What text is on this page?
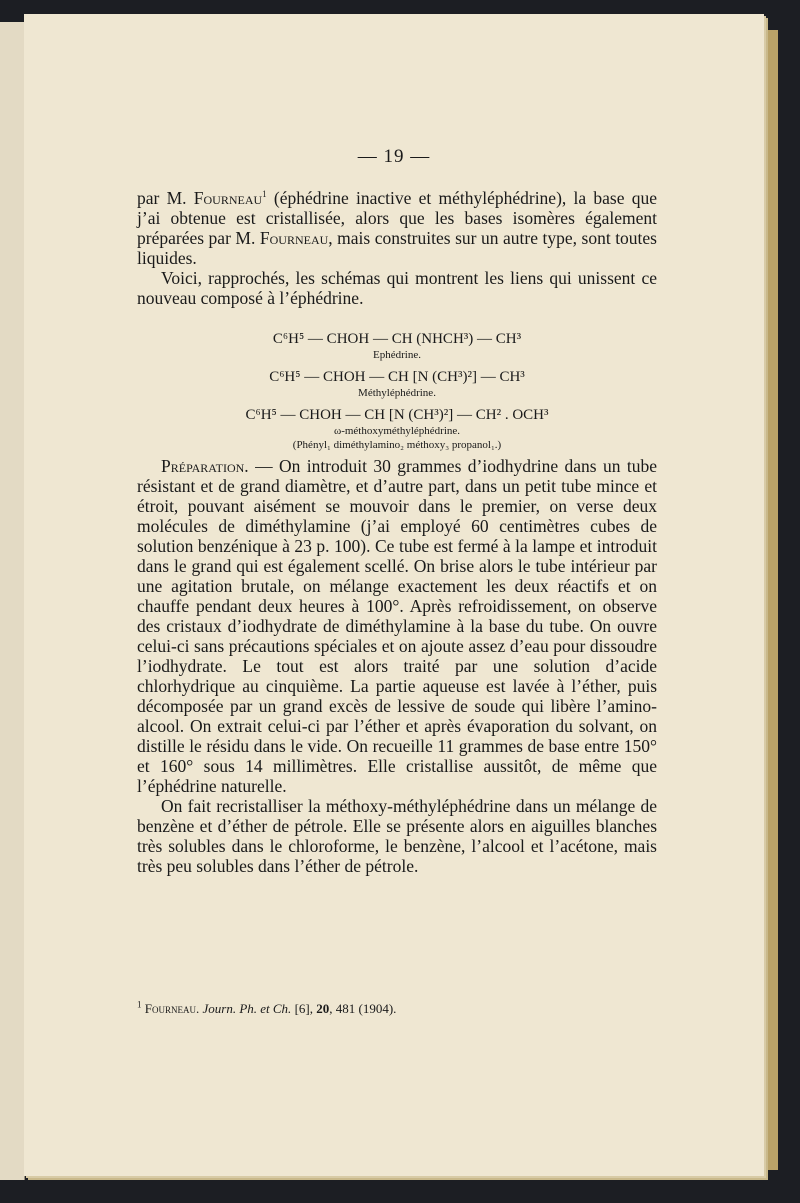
— 19 —

par M. Fourneau$^1$ (éphédrine inactive et méthyléphédrine), la base que j’ai obtenue est cristallisée, alors que les bases isomères également préparées par M. Fourneau, mais construites sur un autre type, sont toutes liquides.

Voici, rapprochés, les schémas qui montrent les liens qui unissent ce nouveau composé à l’éphédrine.

C⁶H⁵ — CHOH — CH (NHCH³) — CH³

Ephédrine.

C⁶H⁵ — CHOH — CH [N (CH³)²] — CH³

Méthyléphédrine.

C⁶H⁵ — CHOH — CH [N (CH³)²] — CH² . OCH³

ω-méthoxyméthyléphédrine.

(Phényl₁ diméthylamino₂ méthoxy₃ propanol₁.)

Préparation. — On introduit 30 grammes d’iodhydrine dans un tube résistant et de grand diamètre, et d’autre part, dans un petit tube mince et étroit, pouvant aisément se mouvoir dans le premier, on verse deux molécules de diméthylamine (j’ai employé 60 centimètres cubes de solution benzénique à 23 p. 100). Ce tube est fermé à la lampe et introduit dans le grand qui est également scellé. On brise alors le tube intérieur par une agitation brutale, on mélange exactement les deux réactifs et on chauffe pendant deux heures à 100°. Après refroidissement, on observe des cristaux d’iodhydrate de diméthylamine à la base du tube. On ouvre celui-ci sans précautions spéciales et on ajoute assez d’eau pour dissoudre l’iodhydrate. Le tout est alors traité par une solution d’acide chlorhydrique au cinquième. La partie aqueuse est lavée à l’éther, puis décomposée par un grand excès de lessive de soude qui libère l’amino-alcool. On extrait celui-ci par l’éther et après évaporation du solvant, on distille le résidu dans le vide. On recueille 11 grammes de base entre 150° et 160° sous 14 millimètres. Elle cristallise aussitôt, de même que l’éphédrine naturelle.

On fait recristalliser la méthoxy-méthyléphédrine dans un mélange de benzène et d’éther de pétrole. Elle se présente alors en aiguilles blanches très solubles dans le chloroforme, le benzène, l’alcool et l’acétone, mais très peu solubles dans l’éther de pétrole.

$^1$ Fourneau. Journ. Ph. et Ch. [6], 20, 481 (1904).
